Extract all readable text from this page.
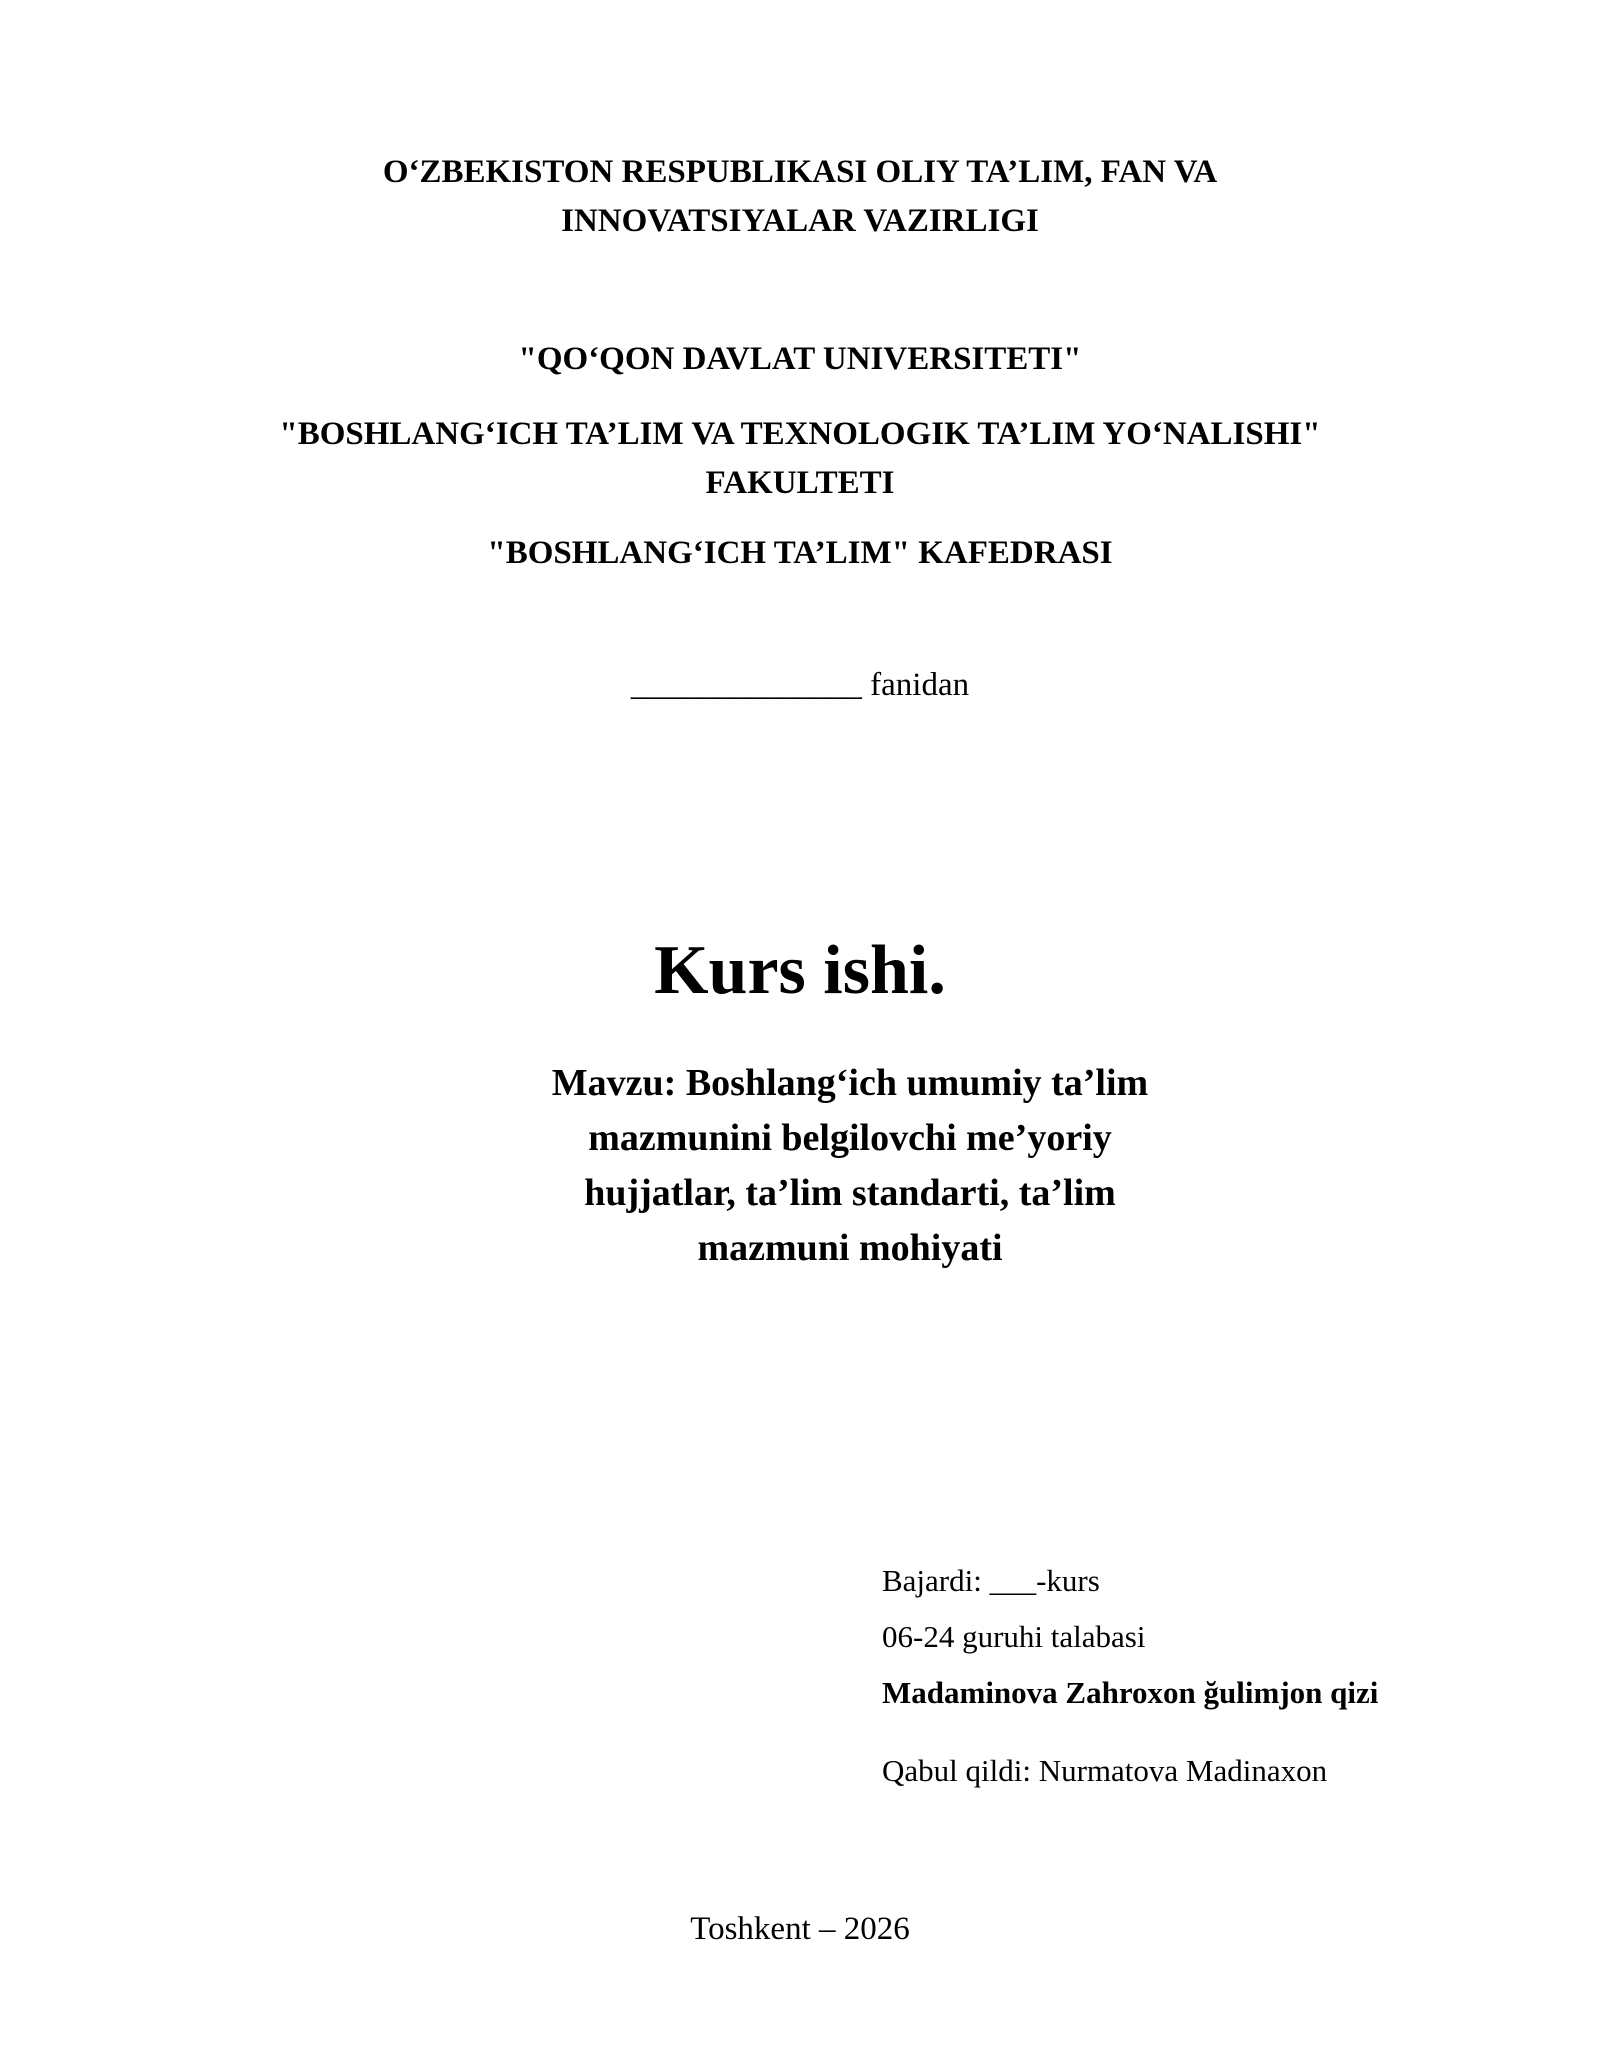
O‘ZBEKISTON RESPUBLIKASI OLIY TA’LIM, FAN VA
INNOVATSIYALAR VAZIRLIGI
"QO‘QON DAVLAT UNIVERSITETI"
"BOSHLANG‘ICH TA’LIM VA TEXNOLOGIK TA’LIM YO‘NALISHI"
FAKULTETI
"BOSHLANG‘ICH TA’LIM" KAFEDRASI
______________ fanidan
Kurs ishi.
Mavzu: Boshlang‘ich umumiy ta’lim
mazmunini belgilovchi me’yoriy
hujjatlar, ta’lim standarti, ta’lim
mazmuni mohiyati
Bajardi: ___-kurs
06-24 guruhi talabasi
Madaminova Zahroxon ğulimjon qizi
Qabul qildi: Nurmatova Madinaxon
Toshkent – 2026
